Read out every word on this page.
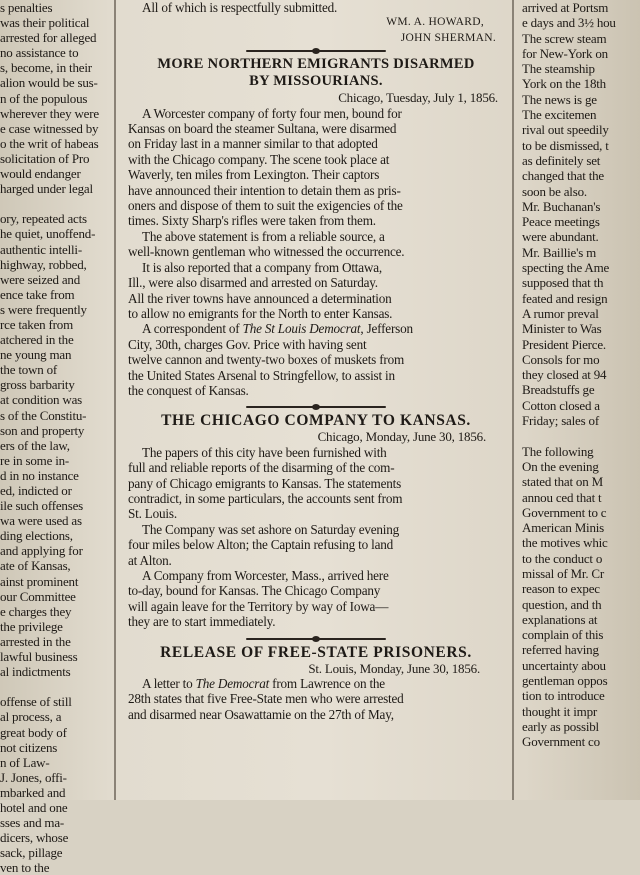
s penalties
was their political
arrested for alleged
no assistance to
s, become, in their
alion would be sus-
n of the populous
wherever they were
e case witnessed by
o the writ of habeas
solicitation of Pro
would endanger
harged under legal

ory, repeated acts
he quiet, unoffend-
authentic intelli-
highway, robbed,
were seized and
ence take from
s were frequently
rce taken from
atchered in the
ne young man
the town of
gross barbarity
at condition was
s of the Constitu-
son and property
ers of the law,
re in some in-
d in no instance
ed, indicted or
ile such offenses
wa were used as
ding elections,
and applying for
ate of Kansas,
ainst prominent
our Committee
e charges they
the privilege
arrested in the
lawful business
al indictments

offense of still
al process, a
great body of
not citizens
n of Law-
J. Jones, offi-
mbarked and
hotel and one
sses and ma-
dicers, whose
sack, pillage
ven to the
All of which is respectfully submitted.
WM. A. HOWARD,
JOHN SHERMAN.
MORE NORTHERN EMIGRANTS DISARMED
BY MISSOURIANS.
Chicago, Tuesday, July 1, 1856.
A Worcester company of forty four men, bound for
Kansas on board the steamer Sultana, were disarmed
on Friday last in a manner similar to that adopted
with the Chicago company. The scene took place at
Waverly, ten miles from Lexington. Their captors
have announced their intention to detain them as pris-
oners and dispose of them to suit the exigencies of the
times. Sixty Sharp's rifles were taken from them.
The above statement is from a reliable source, a
well-known gentleman who witnessed the occurrence.
It is also reported that a company from Ottawa,
Ill., were also disarmed and arrested on Saturday.
All the river towns have announced a determination
to allow no emigrants for the North to enter Kansas.
A correspondent of The St Louis Democrat, Jefferson
City, 30th, charges Gov. Price with having sent
twelve cannon and twenty-two boxes of muskets from
the United States Arsenal to Stringfellow, to assist in
the conquest of Kansas.
THE CHICAGO COMPANY TO KANSAS.
Chicago, Monday, June 30, 1856.
The papers of this city have been furnished with
full and reliable reports of the disarming of the com-
pany of Chicago emigrants to Kansas. The statements
contradict, in some particulars, the accounts sent from
St. Louis.
The Company was set ashore on Saturday evening
four miles below Alton; the Captain refusing to land
at Alton.
A Company from Worcester, Mass., arrived here
to-day, bound for Kansas. The Chicago Company
will again leave for the Territory by way of Iowa—
they are to start immediately.
RELEASE OF FREE-STATE PRISONERS.
St. Louis, Monday, June 30, 1856.
A letter to The Democrat from Lawrence on the
28th states that five Free-State men who were arrested
and disarmed near Osawattamie on the 27th of May,
arrived at Portsm
e days and 3½ hou
The screw steam
for New-York on
The steamship
York on the 18th
The news is ge
The excitemen
rival out speedily
to be dismissed, t
as definitely set
changed that the
soon be also.
Mr. Buchanan's
Peace meetings
were abundant.
Mr. Baillie's m
specting the Ame
supposed that th
feated and resign
A rumor preval
Minister to Was
President Pierce.
Consols for mo
they closed at 94
Breadstuffs ge
Cotton closed a
Friday; sales of

The following
On the evening
stated that on M
annou ced that t
Government to c
American Minis
the motives whic
to the conduct o
missal of Mr. Cr
reason to expec
question, and th
explanations at
complain of this
referred having
uncertainty abou
gentleman oppos
tion to introduce
thought it impr
early as possibl
Government co
